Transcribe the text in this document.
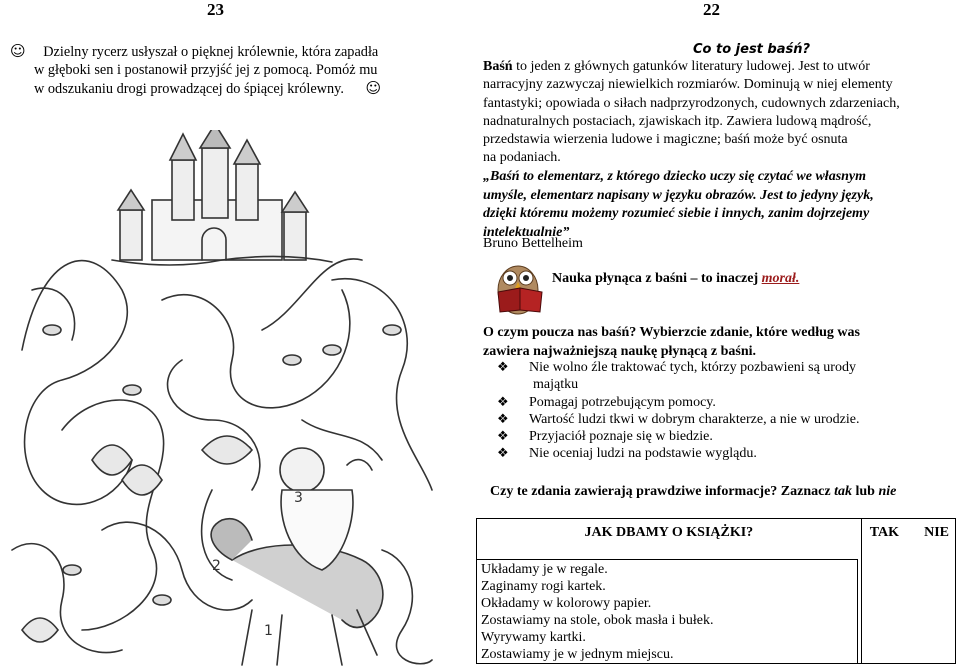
23
☺ Dzielny rycerz usłyszał o pięknej królewnie, która zapadła
w głęboki sen i postanowił przyjść jej z pomocą. Pomóż mu
w odszukaniu drogi prowadzącej do śpiącej królewny. ☺
1
2
3
22
Co to jest baśń?
Baśń to jeden z głównych gatunków literatury ludowej. Jest to utwór
narracyjny zazwyczaj niewielkich rozmiarów. Dominują w niej elementy
fantastyki; opowiada o siłach nadprzyrodzonych, cudownych zdarzeniach,
nadnaturalnych postaciach, zjawiskach itp. Zawiera ludową mądrość,
przedstawia wierzenia ludowe i magiczne; baśń może być osnuta
na podaniach.
„Baśń to elementarz, z którego dziecko uczy się czytać we własnym
umyśle, elementarz napisany w języku obrazów. Jest to jedyny język,
dzięki któremu możemy rozumieć siebie i innych, zanim dojrzejemy
intelektualnie”
Bruno Bettelheim
Nauka płynąca z baśni – to inaczej morał.
O czym poucza nas baśń? Wybierzcie zdanie, które według was
zawiera najważniejszą naukę płynącą z baśni.
❖ Nie wolno źle traktować tych, którzy pozbawieni są urody
majątku
❖ Pomagaj potrzebującym pomocy.
❖ Wartość ludzi tkwi w dobrym charakterze, a nie w urodzie.
❖ Przyjaciół poznaje się w biedzie.
❖ Nie oceniaj ludzi na podstawie wyglądu.
Czy te zdania zawierają prawdziwe informacje? Zaznacz tak lub nie
JAK DBAMY O KSIĄŻKI?	TAK NIE

Układamy je w regale.
Zaginamy rogi kartek.
Okładamy w kolorowy papier.
Zostawiamy na stole, obok masła i bułek.
Wyrywamy kartki.
Zostawiamy je w jednym miejscu.
